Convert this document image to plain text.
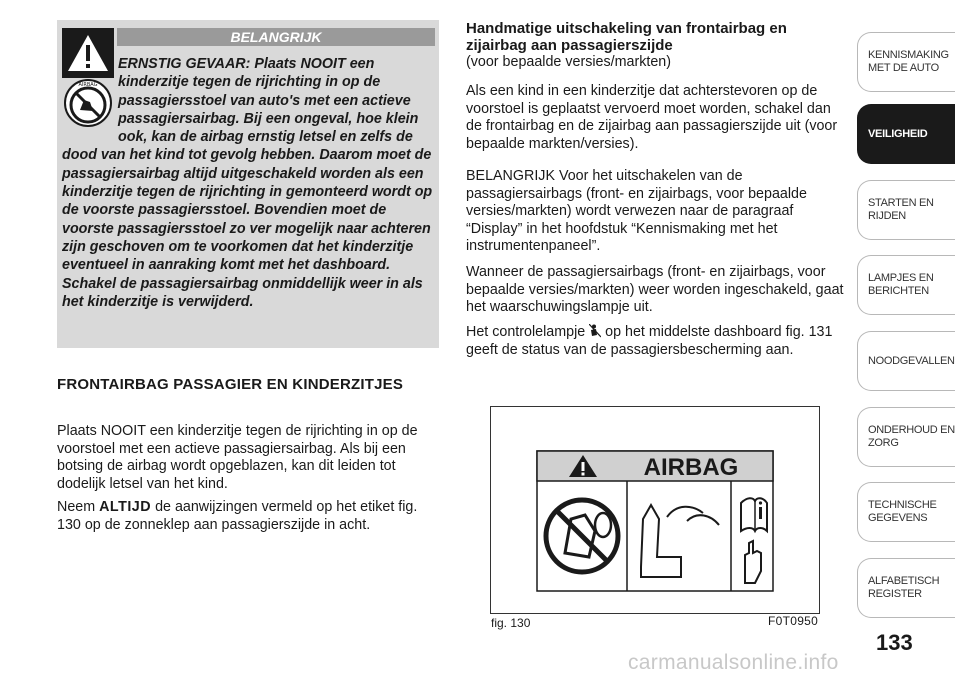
BELANGRIJK
AIRBAG
ERNSTIG GEVAAR: Plaats NOOIT een kinderzitje tegen de rijrichting in op de passagiersstoel van auto's met een actieve passagiersairbag. Bij een ongeval, hoe klein ook, kan de airbag ernstig letsel en zelfs de dood van het kind tot gevolg hebben. Daarom moet de passagiersairbag altijd uitgeschakeld worden als een kinderzitje tegen de rijrichting in gemonteerd wordt op de voorste passagiersstoel. Bovendien moet de voorste passagiersstoel zo ver mogelijk naar achteren zijn geschoven om te voorkomen dat het kinderzitje eventueel in aanraking komt met het dashboard. Schakel de passagiersairbag onmiddellijk weer in als het kinderzitje is verwijderd.
FRONTAIRBAG PASSAGIER EN KINDERZITJES
Plaats NOOIT een kinderzitje tegen de rijrichting in op de voorstoel met een actieve passagiersairbag. Als bij een botsing de airbag wordt opgeblazen, kan dit leiden tot dodelijk letsel van het kind.
Neem ALTIJD de aanwijzingen vermeld op het etiket fig. 130 op de zonneklep aan passagierszijde in acht.
Handmatige uitschakeling van frontairbag en zijairbag aan passagierszijde
(voor bepaalde versies/markten)
Als een kind in een kinderzitje dat achterstevoren op de voorstoel is geplaatst vervoerd moet worden, schakel dan de frontairbag en de zijairbag aan passagierszijde uit (voor bepaalde markten/versies).
BELANGRIJK Voor het uitschakelen van de passagiersairbags (front- en zijairbags, voor bepaalde versies/markten) wordt verwezen naar de paragraaf “Display” in het hoofdstuk “Kennismaking met het instrumentenpaneel”.
Wanneer de passagiersairbags (front- en zijairbags, voor bepaalde versies/markten) weer worden ingeschakeld, gaat het waarschuwingslampje uit.
Het controlelampje  op het middelste dashboard fig. 131 geeft de status van de passagiersbescherming aan.
AIRBAG
fig. 130	F0T0950
KENNISMAKING MET DE AUTO
VEILIGHEID
STARTEN EN RIJDEN
LAMPJES EN BERICHTEN
NOODGEVALLEN
ONDERHOUD EN ZORG
TECHNISCHE GEGEVENS
ALFABETISCH REGISTER
133
carmanualsonline.info
